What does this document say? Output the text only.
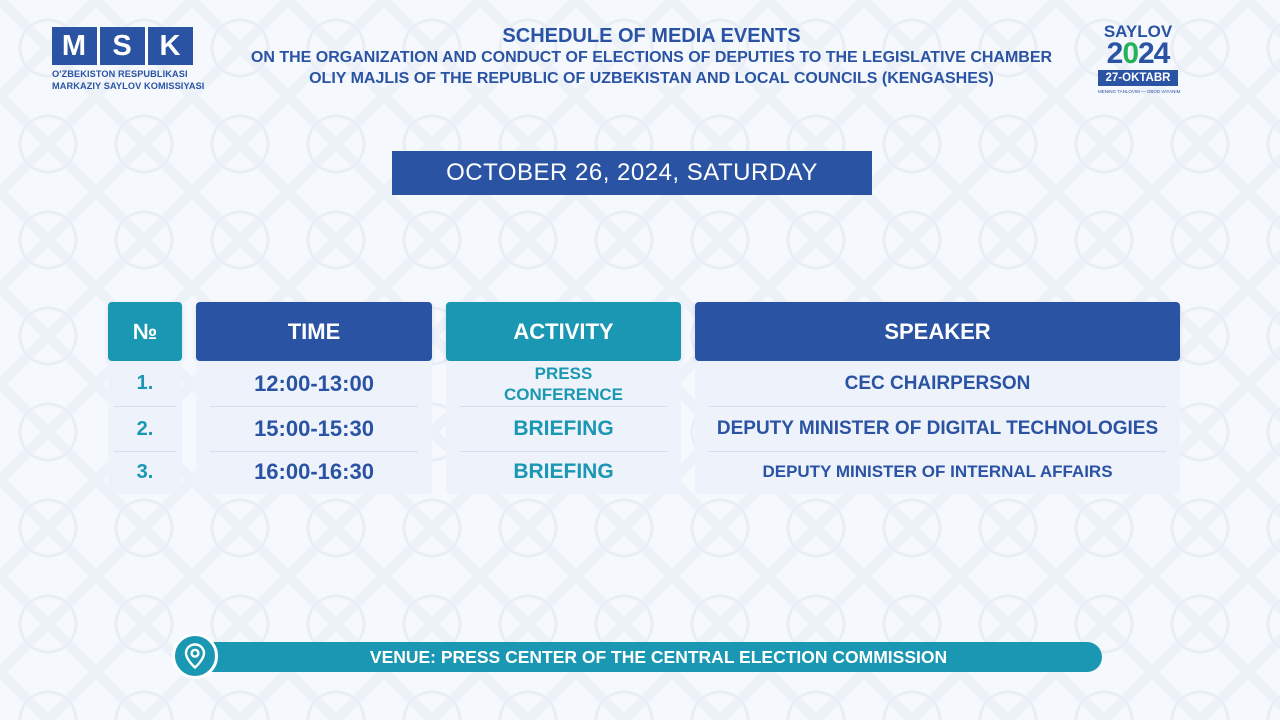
M S K
O'ZBEKISTON RESPUBLIKASI
MARKAZIY SAYLOV KOMISSIYASI
SCHEDULE OF MEDIA EVENTS
ON THE ORGANIZATION AND CONDUCT OF ELECTIONS OF DEPUTIES TO THE LEGISLATIVE CHAMBER
OLIY MAJLIS OF THE REPUBLIC OF UZBEKISTAN AND LOCAL COUNCILS (KENGASHES)
SAYLOV
2024
27-OKTABR
MENING TANLOVIM — OBOD VATANIM
OCTOBER 26, 2024, SATURDAY
№
1.
2.
3.
TIME
12:00-13:00
15:00-15:30
16:00-16:30
ACTIVITY
PRESS CONFERENCE
BRIEFING
BRIEFING
SPEAKER
CEC CHAIRPERSON
DEPUTY MINISTER OF DIGITAL TECHNOLOGIES
DEPUTY MINISTER OF INTERNAL AFFAIRS
VENUE: PRESS CENTER OF THE CENTRAL ELECTION COMMISSION
